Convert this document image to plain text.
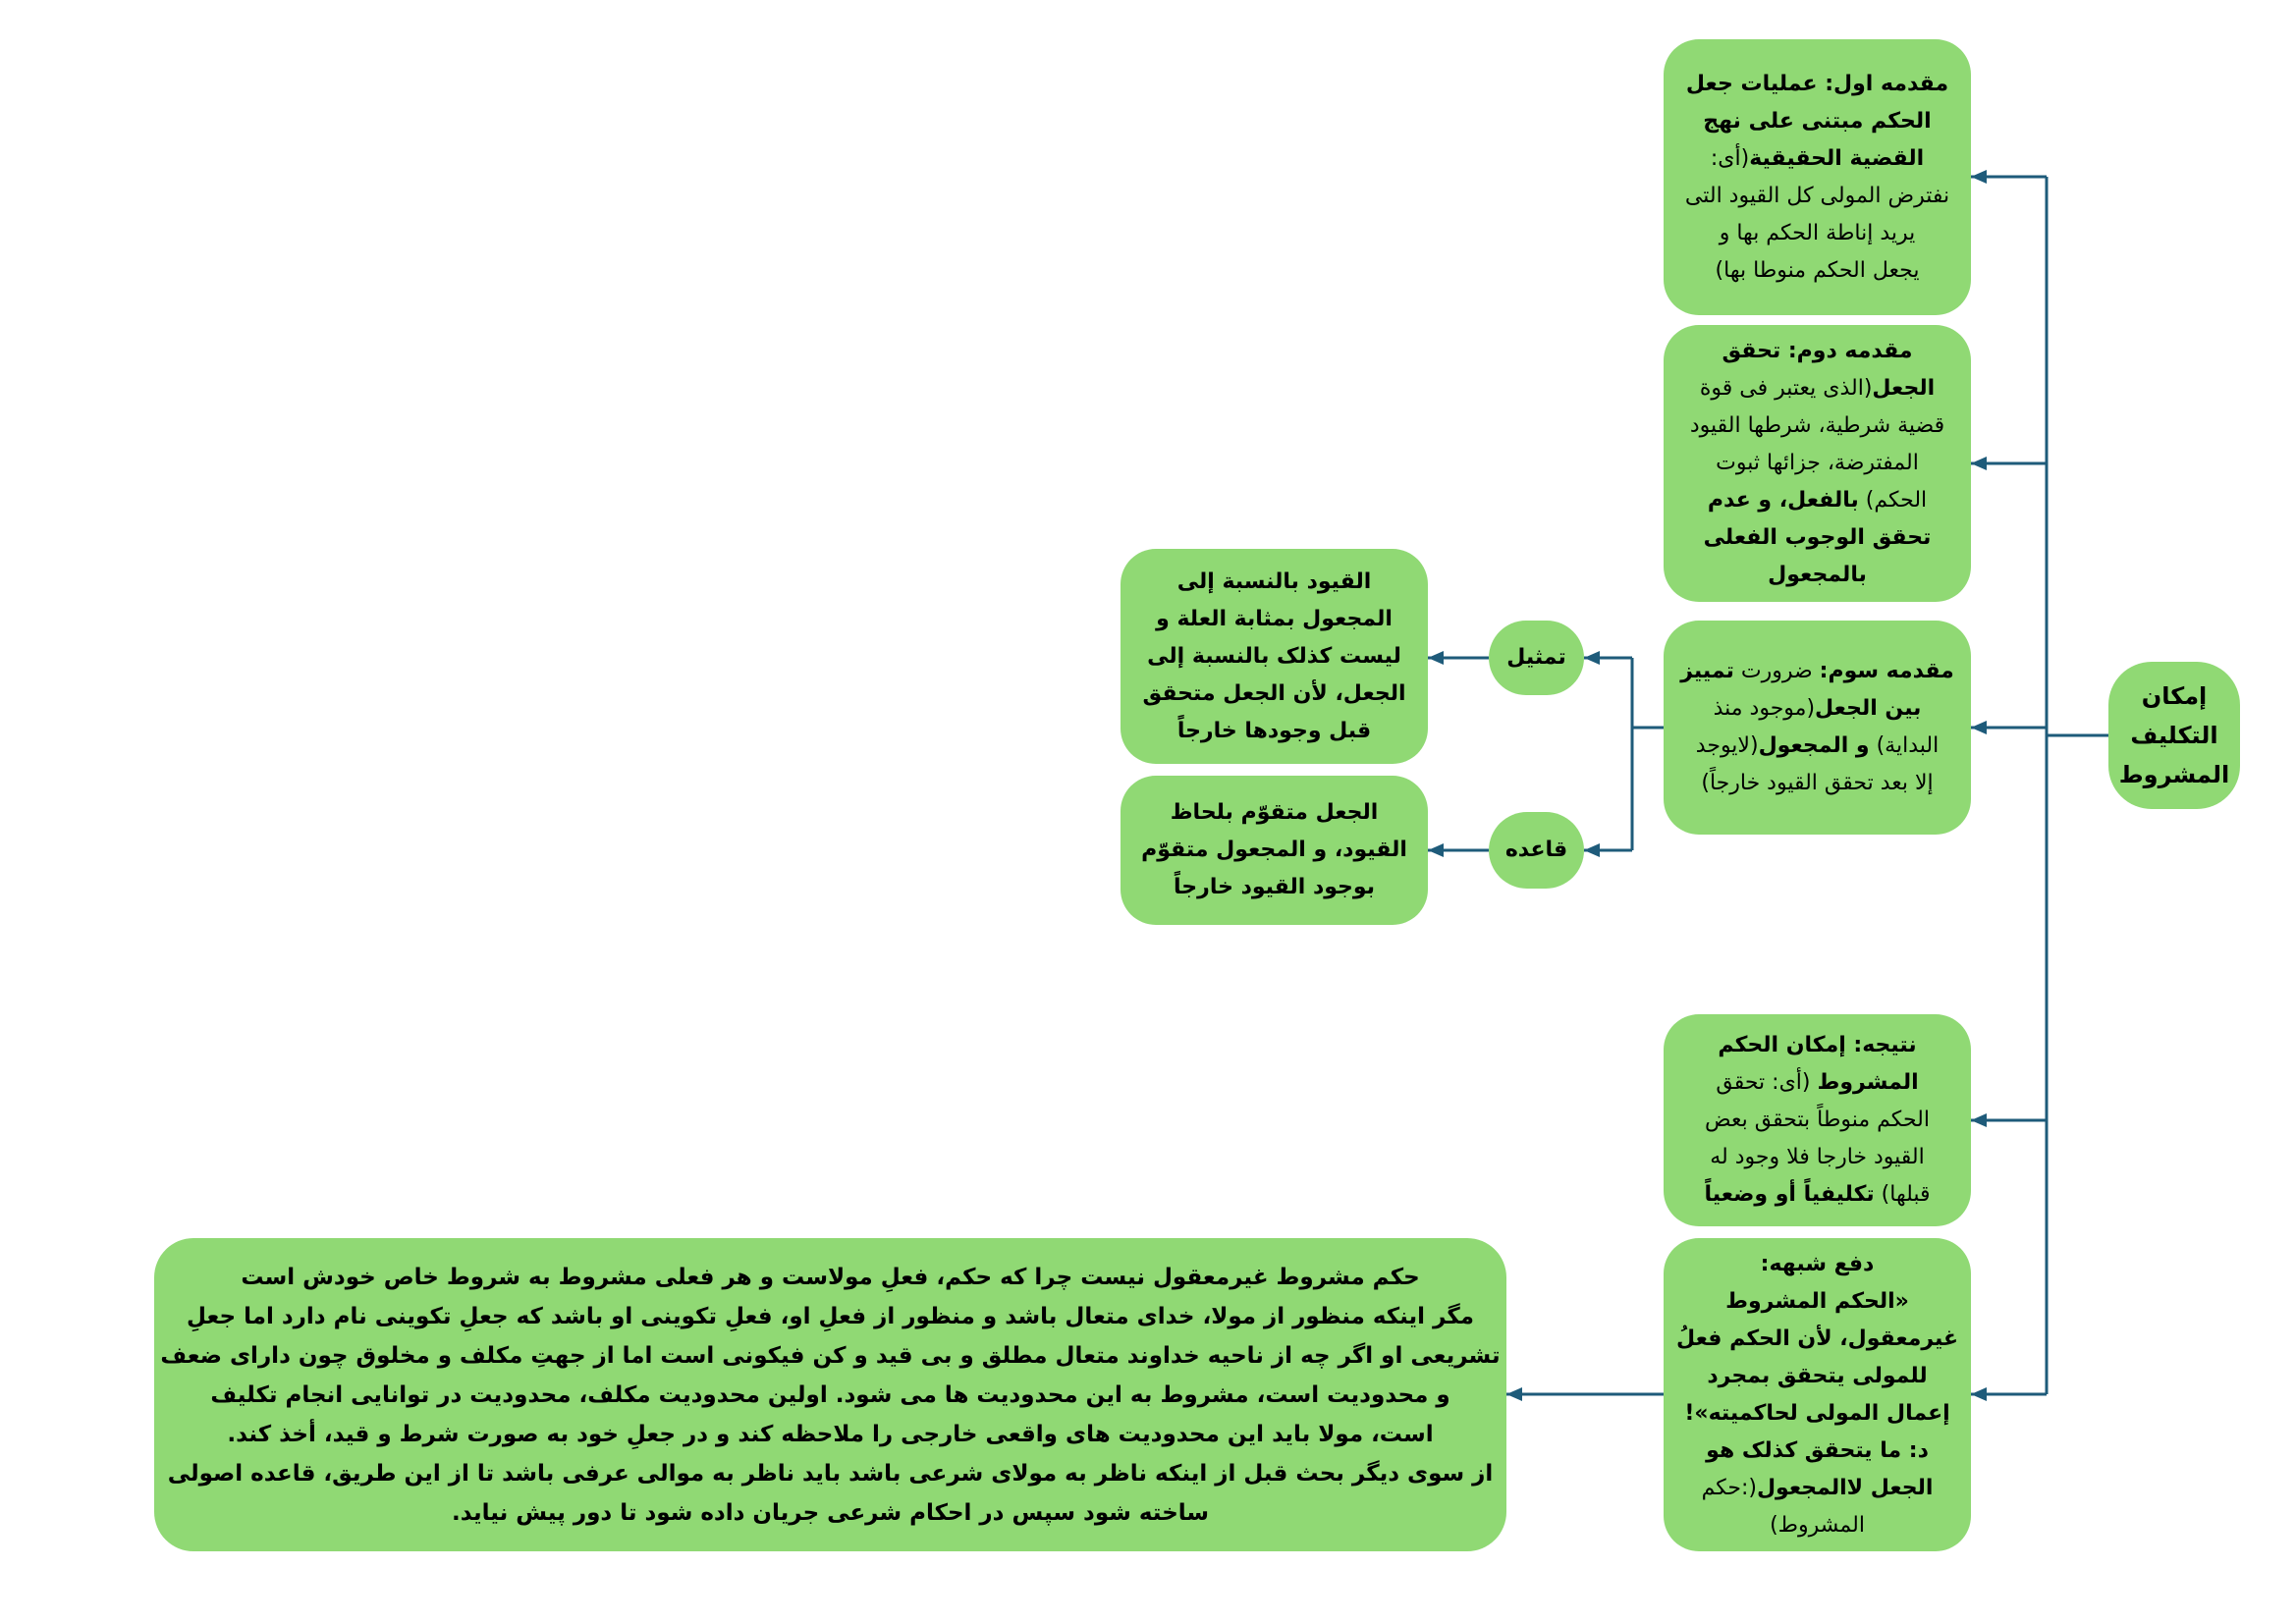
إمکان
التکلیف
المشروط
مقدمه اول: عملیات جعل
الحکم مبتنی علی نهج
القضیة الحقیقیة(أی:
نفترض المولی کل القیود التی
یرید إناطة الحکم بها و
یجعل الحکم منوطا بها)
مقدمه دوم: تحقق
الجعل(الذی یعتبر فی قوة
قضیة شرطیة، شرطها القیود
المفترضة، جزائها ثبوت
الحکم) بالفعل، و عدم
تحقق الوجوب الفعلی
بالمجعول
مقدمه سوم: ضرورت تمییز
بین الجعل(موجود منذ
البدایة) و المجعول(لایوجد
إلا بعد تحقق القیود خارجاً)
تمثیل
قاعده
القیود بالنسبة إلی
المجعول بمثابة العلة و
لیست کذلک بالنسبة إلی
الجعل، لأن الجعل متحقق
قبل وجودها خارجاً
الجعل متقوّم بلحاظ
القیود، و المجعول متقوّم
بوجود القیود خارجاً
نتیجه: إمکان الحکم
المشروط (أی: تحقق
الحکم منوطاً بتحقق بعض
القیود خارجا فلا وجود له
قبلها) تکلیفیاً أو وضعیاً
دفع شبهه:
«الحکم المشروط
غیرمعقول، لأن الحکم فعلُ
للمولی یتحقق بمجرد
إعمال المولی لحاکمیته»!
د: ما یتحقق کذلک هو
الجعل لاالمجعول(:حکم
المشروط)
حکم مشروط غیرمعقول نیست چرا که حکم، فعلِ مولاست و هر فعلی مشروط به شروط خاص خودش است
مگر اینکه منظور از مولا، خدای متعال باشد و منظور از فعلِ او، فعلِ تکوینی او باشد که جعلِ تکوینی نام دارد اما جعلِ
تشریعی او اگر چه از ناحیه خداوند متعال مطلق و بی قید و کن فیکونی است اما از جهتِ مکلف و مخلوق چون دارای ضعف
و محدودیت است، مشروط به این محدودیت ها می شود. اولین محدودیت مکلف، محدودیت در توانایی انجام تکلیف
است، مولا باید این محدودیت های واقعی خارجی را ملاحظه کند و در جعلِ خود به صورت شرط و قید، أخذ کند.
از سوی دیگر بحث قبل از اینکه ناظر به مولای شرعی باشد باید ناظر به موالی عرفی باشد تا از این طریق، قاعده اصولی
ساخته شود سپس در احکام شرعی جریان داده شود تا دور پیش نیاید.
